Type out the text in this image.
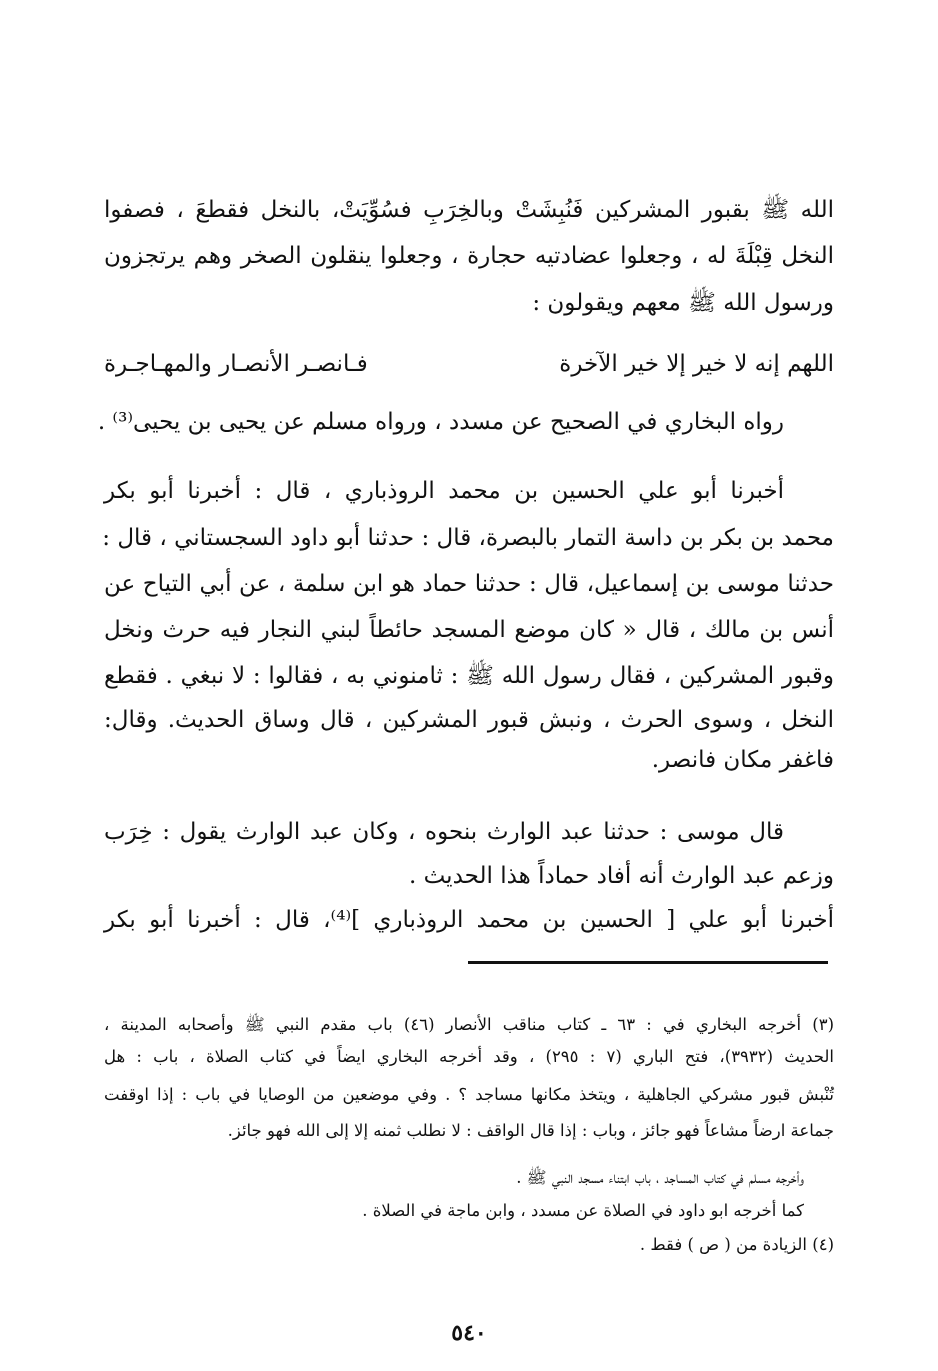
الله ﷺ بقبور المشركين فَنُبِشَتْ وبالخِرَبِ فسُوِّيَتْ، بالنخل فقطعَ ، فصفوا
النخل قِبْلَةَ له ، وجعلوا عضادتيه حجارة ، وجعلوا ينقلون الصخر وهم يرتجزون
ورسول الله ﷺ معهم ويقولون :
اللهم إنه لا خير إلا خير الآخرة
فـانصـر الأنصـار والمهـاجـرة
رواه البخاري في الصحيح عن مسدد ، ورواه مسلم عن يحيى بن يحيى⁽³⁾ .
أخبرنا أبو علي الحسين بن محمد الروذباري ، قال : أخبرنا أبو بكر
محمد بن بكر بن داسة التمار بالبصرة، قال : حدثنا أبو داود السجستاني ، قال :
حدثنا موسى بن إسماعيل، قال : حدثنا حماد هو ابن سلمة ، عن أبي التياح عن
أنس بن مالك ، قال « كان موضع المسجد حائطاً لبني النجار فيه حرث ونخل
وقبور المشركين ، فقال رسول الله ﷺ : ثامنوني به ، فقالوا : لا نبغي . فقطع
النخل ، وسوى الحرث ، ونبش قبور المشركين ، قال وساق الحديث. وقال:
فاغفر مكان فانصر.
قال موسى : حدثنا عبد الوارث بنحوه ، وكان عبد الوارث يقول : خِرَب
وزعم عبد الوارث أنه أفاد حماداً هذا الحديث .
أخبرنا أبو علي [ الحسين بن محمد الروذباري ]⁽⁴⁾، قال : أخبرنا أبو بكر
(٣) أخرجه البخاري في : ٦٣ ـ كتاب مناقب الأنصار (٤٦) باب مقدم النبي ﷺ وأصحابه المدينة ،
الحديث (٣٩٣٢)، فتح الباري (٧ : ٢٩٥) ، وقد أخرجه البخاري ايضاً في كتاب الصلاة ، باب : هل
تُنْبش قبور مشركي الجاهلية ، ويتخذ مكانها مساجد ؟ . وفي موضعين من الوصايا في باب : إذا اوقفت
جماعة ارضاً مشاعاً فهو جائز ، وباب : إذا قال الواقف : لا نطلب ثمنه إلا إلى الله فهو جائز.
وأخرجه مسلم في كتاب المساجد ، باب ابتناء مسجد النبي ﷺ .
كما أخرجه ابو داود في الصلاة عن مسدد ، وابن ماجة في الصلاة .
(٤) الزيادة من ( ص ) فقط .
٥٤٠
